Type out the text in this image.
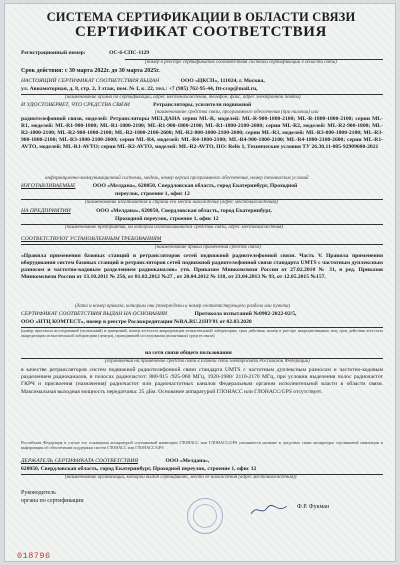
СИСТЕМА СЕРТИФИКАЦИИ В ОБЛАСТИ СВЯЗИ
СЕРТИФИКАТ СООТВЕТСТВИЯ
Регистрационный номер:	ОС-6-СПС-1129
(номер в реестре сертификатов соответствия системы сертификации в области связи)
Срок действия: с 30 марта 2022г. до 30 марта 2025г.
НАСТОЯЩИЙ СЕРТИФИКАТ СООТВЕТСТВИЯ ВЫДАН	ООО «ЦКСП», 111024, г. Москва,
ул. Авиамоторная, д. 8, стр. 2, 3 этаж, пом. № I, к. 22, тел.: +7 (985) 762-95-44, ftt-ccsp@mail.ru,
(наименование органа по сертификации, адрес местонахождения, телефон, факс, адрес электронной почты)
И УДОСТОВЕРЯЕТ, ЧТО СРЕДСТВА СВЯЗИ	Ретрансляторы, усилители подвижной
(наименование средства связи, программного обеспечения (при наличии) или
радиотелефонной связи, моделей: Ретрансляторы MELДАНА серии ML-R, моделей: ML-R-900-1800-2100; ML-R-1800-1800-2100; серии ML-R1, моделей: ML-R1-900-1800; ML-R1-1800-2100; ML-R1-900-1800-2100; ML-R1-1800-2100-2600; серии ML-R2, моделей: ML-R2-900-1800; ML-R2-1800-2100; ML-R2-900-1800-2100; ML-R2-1800-2100-2600; ML-R2-800-1800-2100-2600; серии ML-R3, моделей: ML-R3-800-1800-2100; ML-R3-900-1800-2100; ML-R3-1800-2100-2600; серии ML-R4, моделей: ML-R4-1800-2100; ML-R4-900-1800-2100; ML-R4-1800-2100-2600; серии ML-R1-AVTO, моделей: ML-R1-AVTO; серии ML-R2-AVTO, моделей: ML-R2-AVTO, ПО: Relis 1, Технические условия ТУ 26.30.11-005-92909600-2021
информационно-коммуникационной системы, модель, номер версии программного обеспечения, номер технических условий
ИЗГОТАВЛИВАЕМЫЕ	ООО «Мелдана», 620050, Свердловская область, город Екатеринбург, Проходной
переулок, строение 1, офис 12
(наименование изготовителя и страна его места нахождения (адрес местонахождения))
НА ПРЕДПРИЯТИИ	ООО «Мелдана», 620050, Свердловская область, город Екатеринбург,
Проходной переулок, строение 1, офис 12
(наименование предприятия, на котором изготавливаются средства связи, адрес местонахождения)
СООТВЕТСТВУЮТ УСТАНОВЛЕННЫМ ТРЕБОВАНИЯМ
(наименование правил применения средств связи)
«Правила применения базовых станций и ретрансляторов сетей подвижной радиотелефонной связи. Часть V. Правила применения оборудования систем базовых станций и ретрансляторов сетей подвижной радиотелефонной связи стандарта UMTS с частотным дуплексным разносом и частотно-кодовым разделением радиоканалов» утв. Приказом Минкомсвязи России от 27.02.2010 № 31, в ред. Приказов Минкомсвязи России от 13.10.2011 № 256, от 01.02.2012 №27 , от 20.04.2012 № 118, от 23.04.2013 № 93, от 12.05.2015 №157.
(дата и номер приказа, которым они утверждены и номер соответствующего раздела или пункта)
СЕРТИФИКАТ СООТВЕТСТВИЯ ВЫДАН НА ОСНОВАНИИ	Протокола испытаний №0902-2022-02/5,
ООО «НТЦ КОМТЕСТ», номер в реестре Росаккредитации №RA.RU.21НУ81 от 02.03.2020
(номер протокола исследований (испытаний) и измерений, номер аттестата аккредитации испытательной лаборатории, срок действия, номер в реестре аккредитованных лиц, срок действия аттестата аккредитации испытательной лаборатории (центра), проводившей исследования (испытания) средств связи)
на сети связи общего пользования
(ограничения на применение средств связи в Единой сети электросвязи Российской Федерации)
в качестве ретрансляторов систем подвижной радиотелефонной связи стандарта UMTS с частотным дуплексным разносом и частотно-кодовым разделением радиоканалов, в полосах радиочастот: 880-915 /925-960 МГц, 1920-1980/ 2110-2170 МГц, при условии выделения полос радиочастот ГКРЧ и присвоения (назначения) радиочастот или радиочастотных каналов Федеральным органом исполнительной власти в области связи. Максимальная выходная мощность передатчика: 25 дБм. Основание аппаратурой ГЛОНАСС или ГЛОНАСС/GPS отсутствует.
Российская Федерация в случае его оснащения аппаратурой спутниковой навигации ГЛОНАСС или ГЛОНАСС/GPS указывается наличие в средствах связи аппаратуры спутниковой навигации и информация об обеспечении поддержки систем ГЛОНАСС или ГЛОНАСС/GPS
ДЕРЖАТЕЛЬ СЕРТИФИКАТА СООТВЕТСТВИЯ	ООО «Мелдана»,
620050, Свердловская область, город Екатеринбург, Проходной переулок, строение 1, офис 12
(наименование организации, которой выдан сертификат, место её нахождения (адрес местонахождения))
Руководитель
органа по сертификации
Ф.Р. Фукман
018796
